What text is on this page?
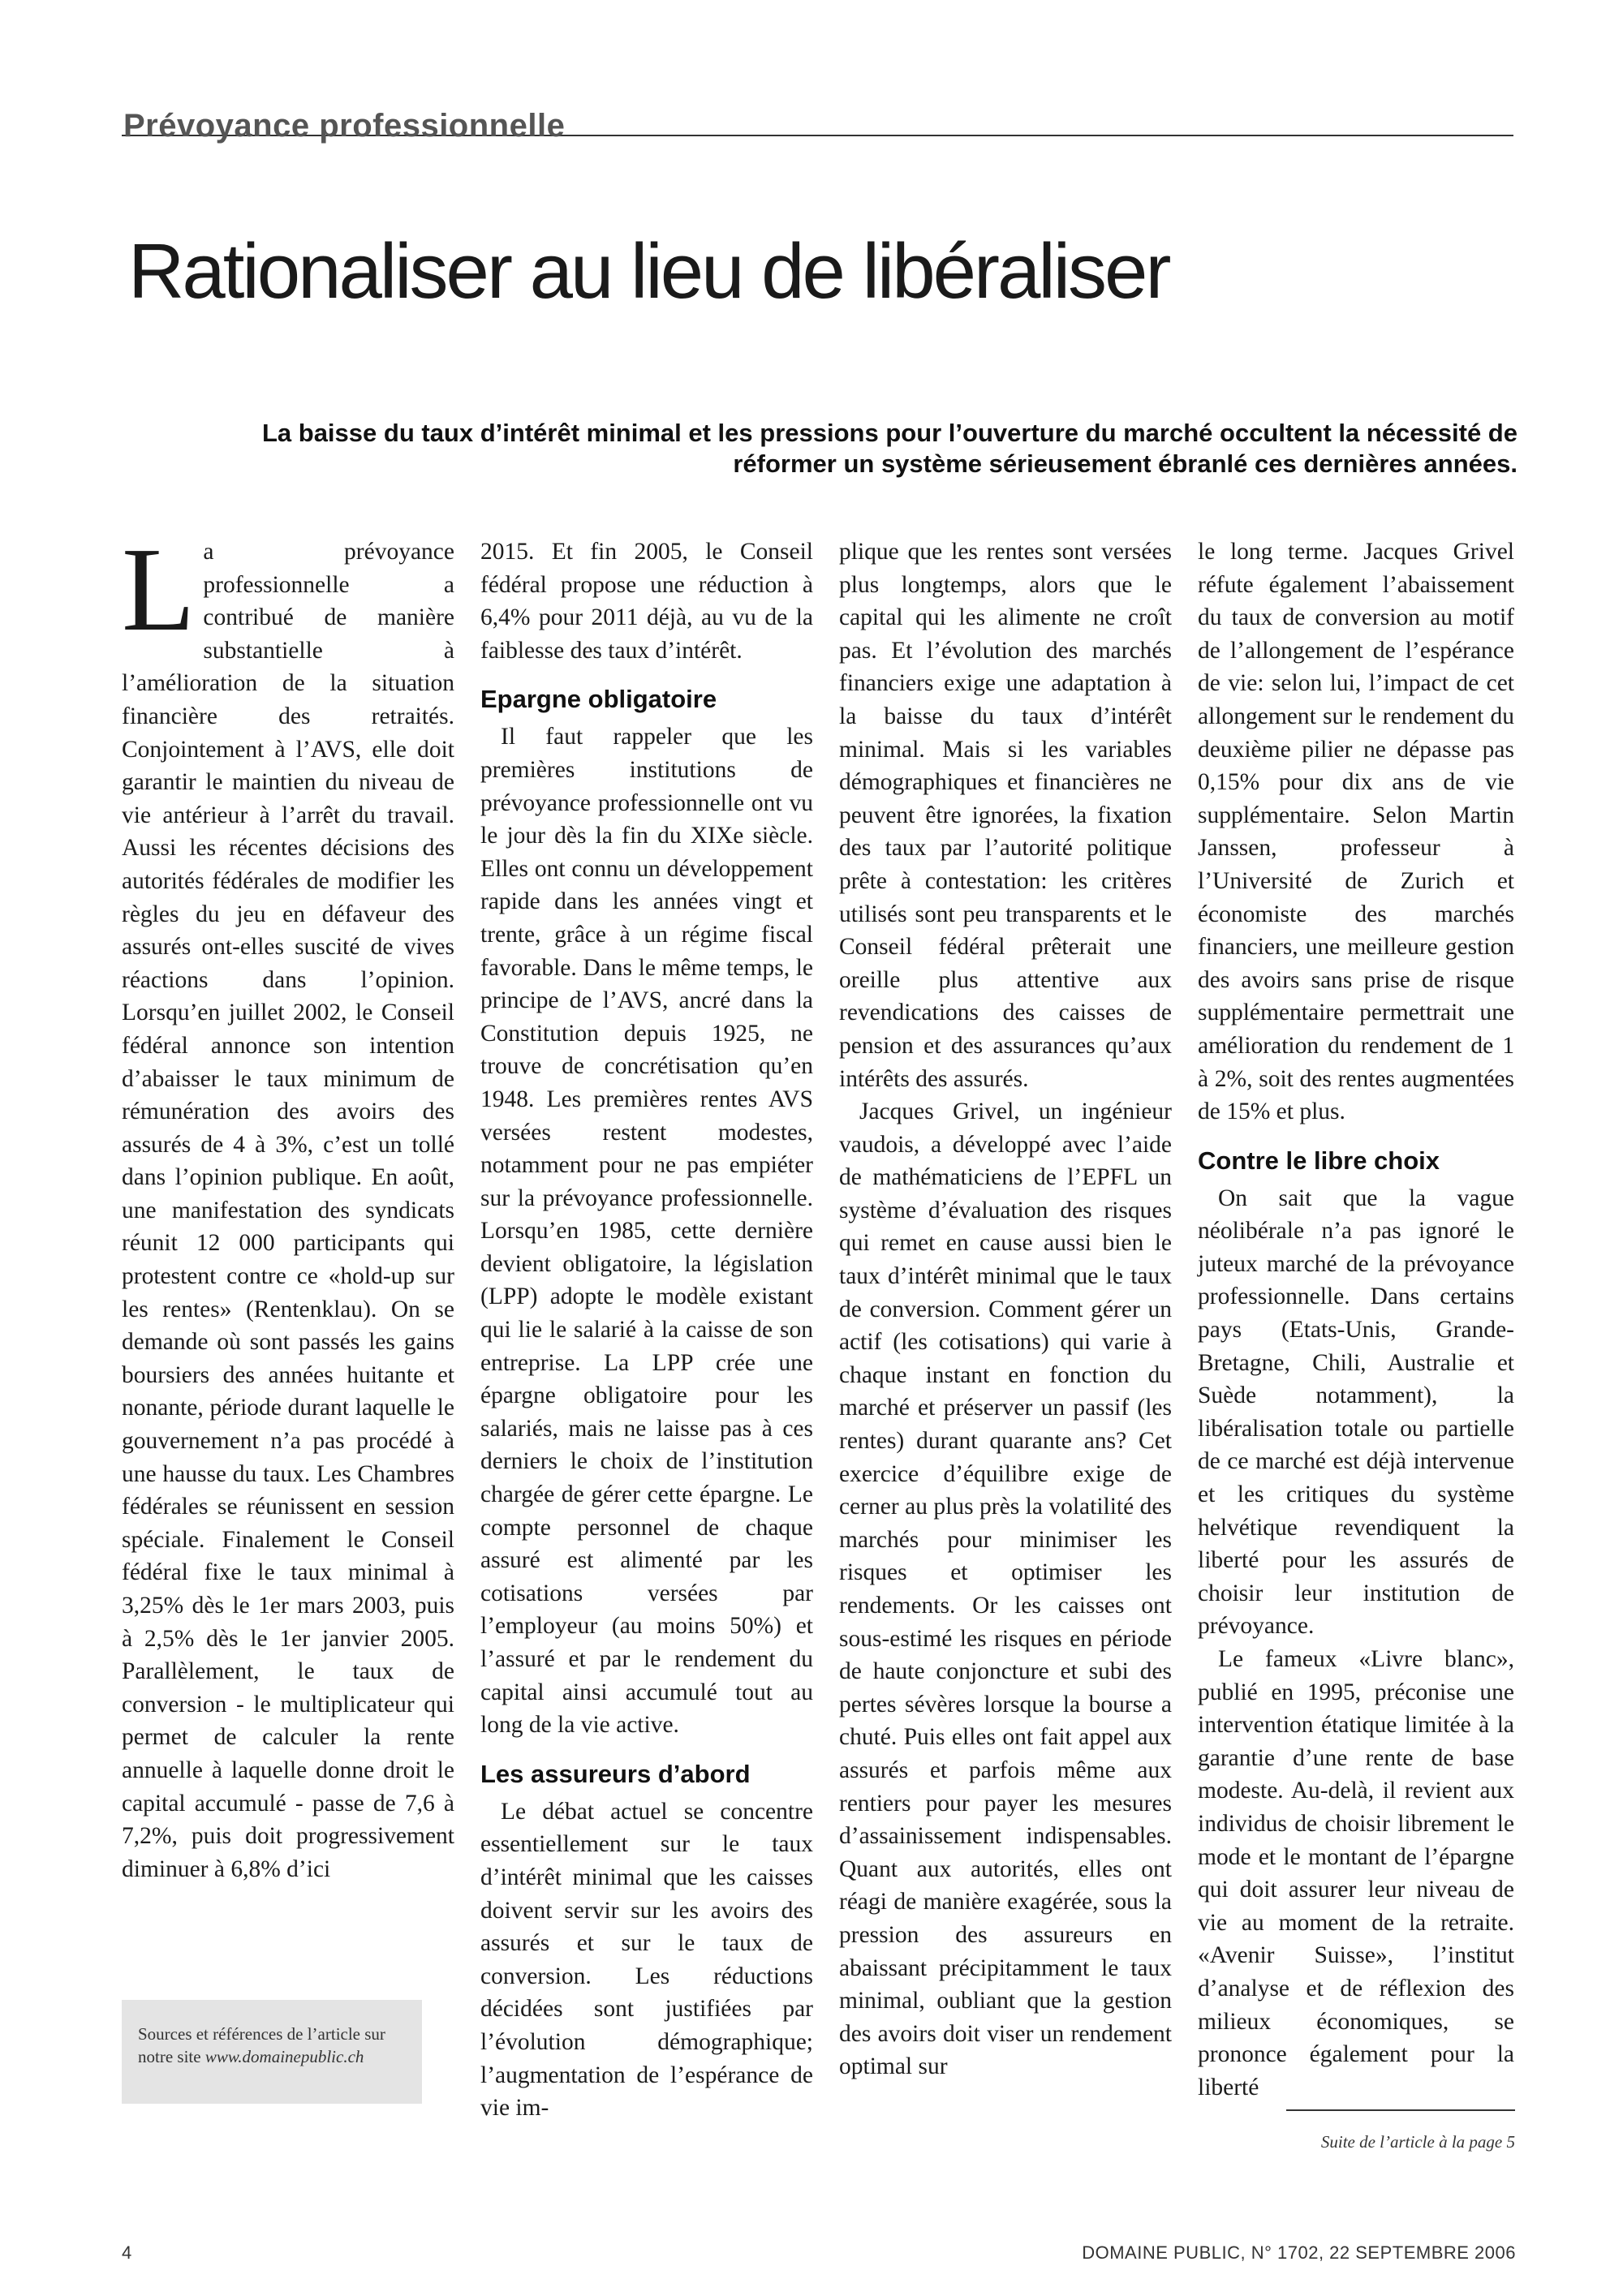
Prévoyance professionnelle
Rationaliser au lieu de libéraliser

La baisse du taux d’intérêt minimal et les pressions pour l’ouverture du marché occultent la nécessité de réformer un système sérieusement ébranlé ces dernières années.

L a prévoyance professionnelle a contribué de manière substantielle à l’amélioration de la situation financière des retraités. Conjointement à l’AVS, elle doit garantir le maintien du niveau de vie antérieur à l’arrêt du travail. Aussi les récentes décisions des autorités fédérales de modifier les règles du jeu en défaveur des assurés ont-elles suscité de vives réactions dans l’opinion. Lorsqu’en juillet 2002, le Conseil fédéral annonce son intention d’abaisser le taux minimum de rémunération des avoirs des assurés de 4 à 3%, c’est un tollé dans l’opinion publique. En août, une manifestation des syndicats réunit 12 000 participants qui protestent contre ce «hold-up sur les rentes» (Rentenklau). On se demande où sont passés les gains boursiers des années huitante et nonante, période durant laquelle le gouvernement n’a pas procédé à une hausse du taux. Les Chambres fédérales se réunissent en session spéciale. Finalement le Conseil fédéral fixe le taux minimal à 3,25% dès le 1er mars 2003, puis à 2,5% dès le 1er janvier 2005. Parallèlement, le taux de conversion - le multiplicateur qui permet de calculer la rente annuelle à laquelle donne droit le capital accumulé - passe de 7,6 à 7,2%, puis doit progressivement diminuer à 6,8% d’ici

2015. Et fin 2005, le Conseil fédéral propose une réduction à 6,4% pour 2011 déjà, au vu de la faiblesse des taux d’intérêt.

Epargne obligatoire

Il faut rappeler que les premières institutions de prévoyance professionnelle ont vu le jour dès la fin du XIXe siècle. Elles ont connu un développement rapide dans les années vingt et trente, grâce à un régime fiscal favorable. Dans le même temps, le principe de l’AVS, ancré dans la Constitution depuis 1925, ne trouve de concrétisation qu’en 1948. Les premières rentes AVS versées restent modestes, notamment pour ne pas empiéter sur la prévoyance professionnelle. Lorsqu’en 1985, cette dernière devient obligatoire, la législation (LPP) adopte le modèle existant qui lie le salarié à la caisse de son entreprise. La LPP crée une épargne obligatoire pour les salariés, mais ne laisse pas à ces derniers le choix de l’institution chargée de gérer cette épargne. Le compte personnel de chaque assuré est alimenté par les cotisations versées par l’employeur (au moins 50%) et l’assuré et par le rendement du capital ainsi accumulé tout au long de la vie active.

Les assureurs d’abord

Le débat actuel se concentre essentiellement sur le taux d’intérêt minimal que les caisses doivent servir sur les avoirs des assurés et sur le taux de conversion. Les réductions décidées sont justifiées par l’évolution démographique; l’augmentation de l’espérance de vie im-

plique que les rentes sont versées plus longtemps, alors que le capital qui les alimente ne croît pas. Et l’évolution des marchés financiers exige une adaptation à la baisse du taux d’intérêt minimal. Mais si les variables démographiques et financières ne peuvent être ignorées, la fixation des taux par l’autorité politique prête à contestation: les critères utilisés sont peu transparents et le Conseil fédéral prêterait une oreille plus attentive aux revendications des caisses de pension et des assurances qu’aux intérêts des assurés.

Jacques Grivel, un ingénieur vaudois, a développé avec l’aide de mathématiciens de l’EPFL un système d’évaluation des risques qui remet en cause aussi bien le taux d’intérêt minimal que le taux de conversion. Comment gérer un actif (les cotisations) qui varie à chaque instant en fonction du marché et préserver un passif (les rentes) durant quarante ans? Cet exercice d’équilibre exige de cerner au plus près la volatilité des marchés pour minimiser les risques et optimiser les rendements. Or les caisses ont sous-estimé les risques en période de haute conjoncture et subi des pertes sévères lorsque la bourse a chuté. Puis elles ont fait appel aux assurés et parfois même aux rentiers pour payer les mesures d’assainissement indispensables. Quant aux autorités, elles ont réagi de manière exagérée, sous la pression des assureurs en abaissant précipitamment le taux minimal, oubliant que la gestion des avoirs doit viser un rendement optimal sur

le long terme. Jacques Grivel réfute également l’abaissement du taux de conversion au motif de l’allongement de l’espérance de vie: selon lui, l’impact de cet allongement sur le rendement du deuxième pilier ne dépasse pas 0,15% pour dix ans de vie supplémentaire. Selon Martin Janssen, professeur à l’Université de Zurich et économiste des marchés financiers, une meilleure gestion des avoirs sans prise de risque supplémentaire permettrait une amélioration du rendement de 1 à 2%, soit des rentes augmentées de 15% et plus.

Contre le libre choix

On sait que la vague néolibérale n’a pas ignoré le juteux marché de la prévoyance professionnelle. Dans certains pays (Etats-Unis, Grande-Bretagne, Chili, Australie et Suède notamment), la libéralisation totale ou partielle de ce marché est déjà intervenue et les critiques du système helvétique revendiquent la liberté pour les assurés de choisir leur institution de prévoyance.

Le fameux «Livre blanc», publié en 1995, préconise une intervention étatique limitée à la garantie d’une rente de base modeste. Au-delà, il revient aux individus de choisir librement le mode et le montant de l’épargne qui doit assurer leur niveau de vie au moment de la retraite. «Avenir Suisse», l’institut d’analyse et de réflexion des milieux économiques, se prononce également pour la liberté

Sources et références de l’article sur notre site www.domainepublic.ch
Suite de l’article à la page 5
4	DOMAINE PUBLIC, N° 1702, 22 SEPTEMBRE 2006
